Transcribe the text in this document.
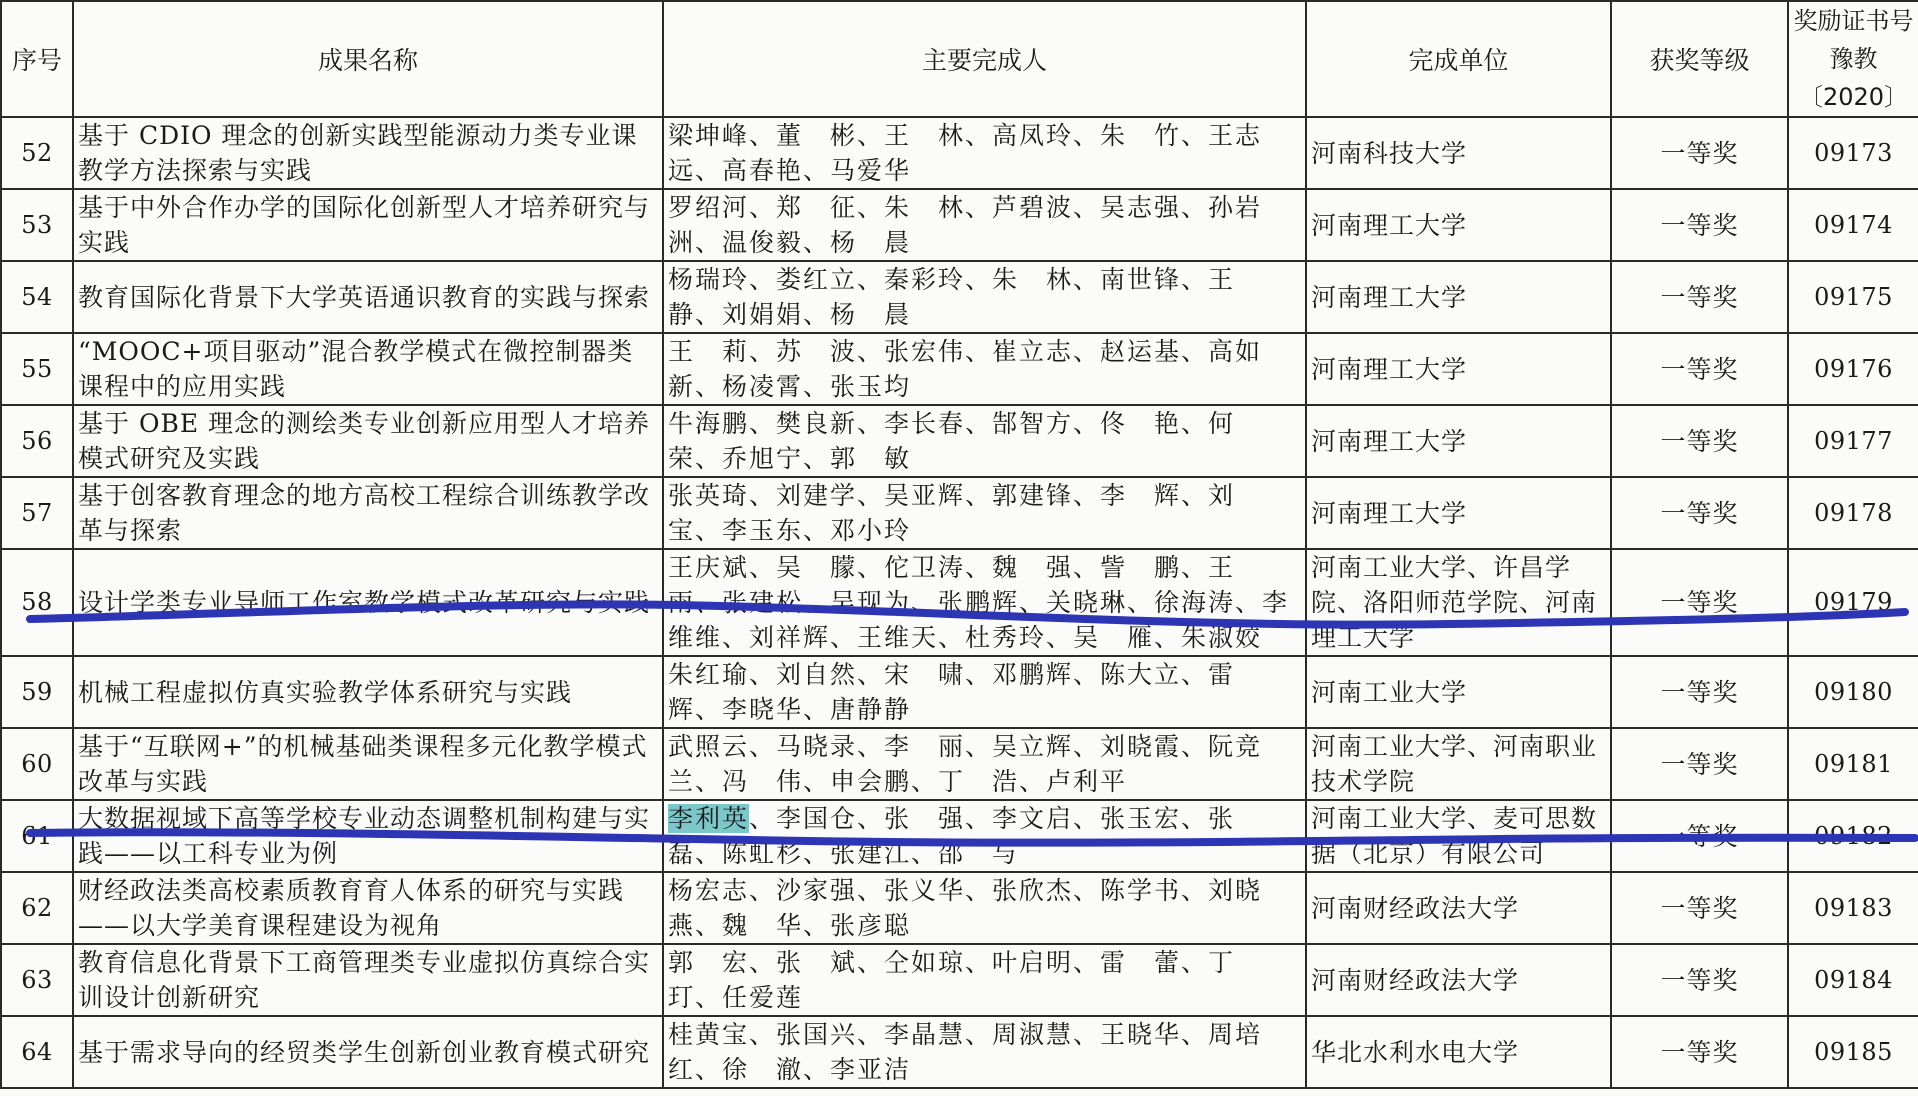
序号	成果名称	主要完成人	完成单位	获奖等级	奖励证书号
豫教〔2020〕

52	基于 CDIO 理念的创新实践型能源动力类专业课教学方法探索与实践	梁坤峰、董　彬、王　林、高凤玲、朱　竹、王志远、高春艳、马爱华	河南科技大学	一等奖	09173
53	基于中外合作办学的国际化创新型人才培养研究与实践	罗绍河、郑　征、朱　林、芦碧波、吴志强、孙岩洲、温俊毅、杨　晨	河南理工大学	一等奖	09174
54	教育国际化背景下大学英语通识教育的实践与探索	杨瑞玲、娄红立、秦彩玲、朱　林、南世锋、王　静、刘娟娟、杨　晨	河南理工大学	一等奖	09175
55	“MOOC+项目驱动”混合教学模式在微控制器类课程中的应用实践	王　莉、苏　波、张宏伟、崔立志、赵运基、高如新、杨凌霄、张玉均	河南理工大学	一等奖	09176
56	基于 OBE 理念的测绘类专业创新应用型人才培养模式研究及实践	牛海鹏、樊良新、李长春、郜智方、佟　艳、何　荣、乔旭宁、郭　敏	河南理工大学	一等奖	09177
57	基于创客教育理念的地方高校工程综合训练教学改革与探索	张英琦、刘建学、吴亚辉、郭建锋、李　辉、刘　宝、李玉东、邓小玲	河南理工大学	一等奖	09178
58	设计学类专业导师工作室教学模式改革研究与实践	王庆斌、吴　朦、佗卫涛、魏　强、訾　鹏、王　雨、张建松、吴现为、张鹏辉、关晓琳、徐海涛、李维维、刘祥辉、王维天、杜秀玲、吴　雁、朱淑姣	河南工业大学、许昌学院、洛阳师范学院、河南理工大学	一等奖	09179
59	机械工程虚拟仿真实验教学体系研究与实践	朱红瑜、刘自然、宋　啸、邓鹏辉、陈大立、雷　辉、李晓华、唐静静	河南工业大学	一等奖	09180
60	基于“互联网+”的机械基础类课程多元化教学模式改革与实践	武照云、马晓录、李　丽、吴立辉、刘晓霞、阮竞兰、冯　伟、申会鹏、丁　浩、卢利平	河南工业大学、河南职业技术学院	一等奖	09181
61	大数据视域下高等学校专业动态调整机制构建与实践——以工科专业为例	李利英、李国仓、张　强、李文启、张玉宏、张　磊、陈虹杉、张建江、邵　与	河南工业大学、麦可思数据（北京）有限公司	一等奖	09182
62	财经政法类高校素质教育育人体系的研究与实践——以大学美育课程建设为视角	杨宏志、沙家强、张义华、张欣杰、陈学书、刘晓燕、魏　华、张彦聪	河南财经政法大学	一等奖	09183
63	教育信息化背景下工商管理类专业虚拟仿真综合实训设计创新研究	郭　宏、张　斌、仝如琼、叶启明、雷　蕾、丁　玎、任爱莲	河南财经政法大学	一等奖	09184
64	基于需求导向的经贸类学生创新创业教育模式研究	桂黄宝、张国兴、李晶慧、周淑慧、王晓华、周培红、徐　澈、李亚洁	华北水利水电大学	一等奖	09185
